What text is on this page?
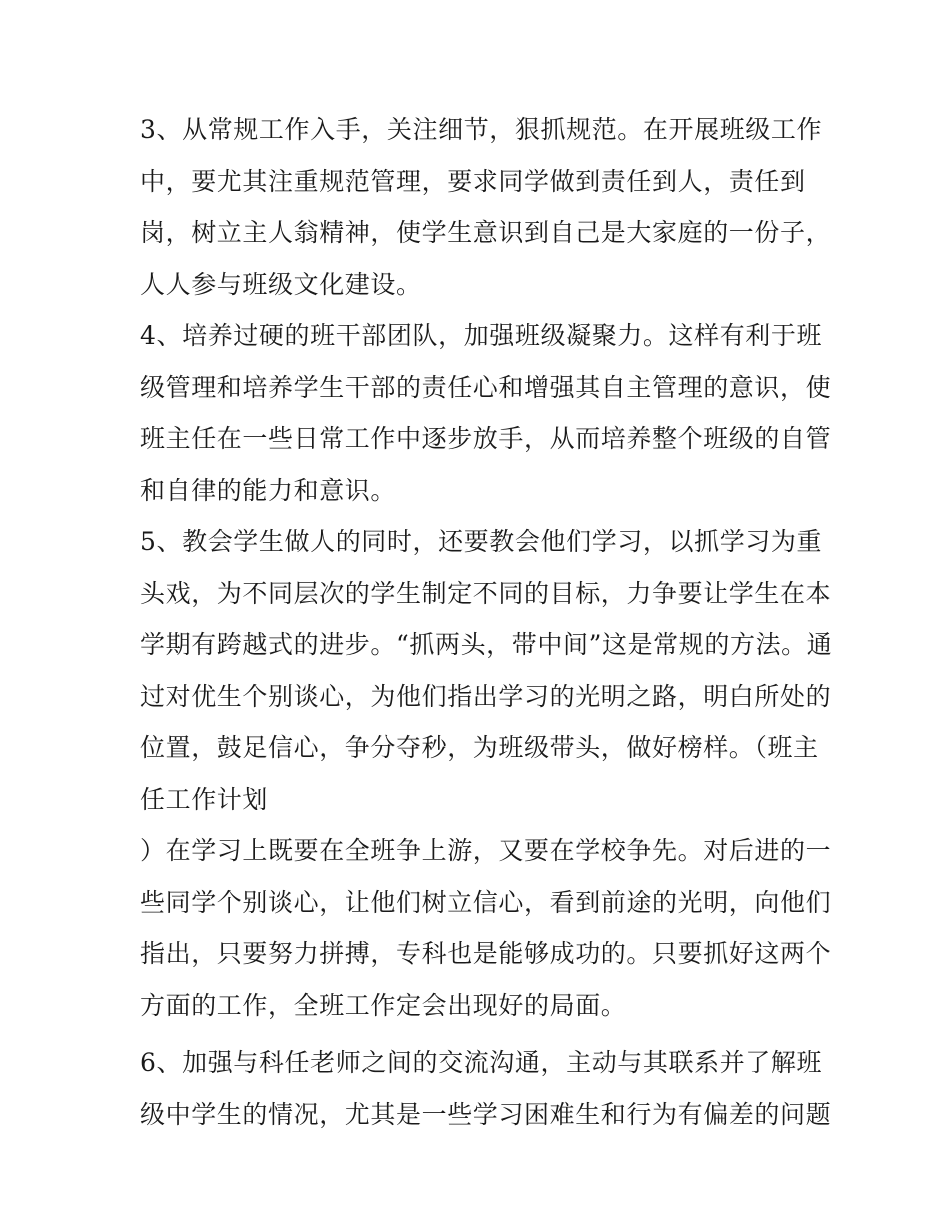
3、从常规工作入手，关注细节，狠抓规范。在开展班级工作
中，要尤其注重规范管理，要求同学做到责任到人，责任到
岗，树立主人翁精神，使学生意识到自己是大家庭的一份子，
人人参与班级文化建设。
4、培养过硬的班干部团队，加强班级凝聚力。这样有利于班
级管理和培养学生干部的责任心和增强其自主管理的意识，使
班主任在一些日常工作中逐步放手，从而培养整个班级的自管
和自律的能力和意识。
5、教会学生做人的同时，还要教会他们学习，以抓学习为重
头戏，为不同层次的学生制定不同的目标，力争要让学生在本
学期有跨越式的进步。“抓两头，带中间”这是常规的方法。通
过对优生个别谈心，为他们指出学习的光明之路，明白所处的
位置，鼓足信心，争分夺秒，为班级带头，做好榜样。（班主
任工作计划
）在学习上既要在全班争上游，又要在学校争先。对后进的一
些同学个别谈心，让他们树立信心，看到前途的光明，向他们
指出，只要努力拼搏，专科也是能够成功的。只要抓好这两个
方面的工作，全班工作定会出现好的局面。
6、加强与科任老师之间的交流沟通，主动与其联系并了解班
级中学生的情况，尤其是一些学习困难生和行为有偏差的问题
